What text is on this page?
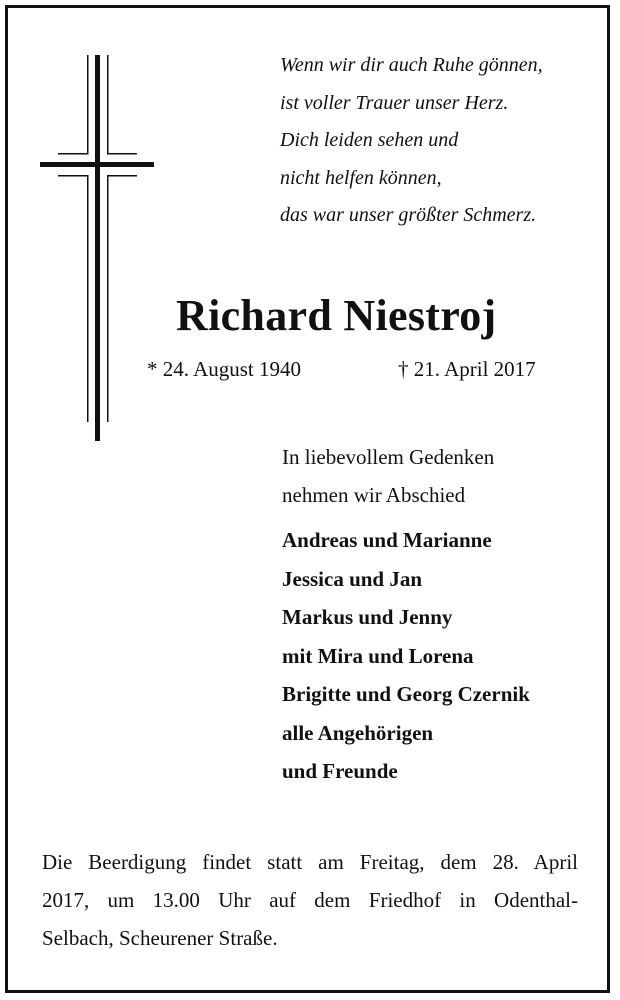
Wenn wir dir auch Ruhe gönnen,
ist voller Trauer unser Herz.
Dich leiden sehen und
nicht helfen können,
das war unser größter Schmerz.
Richard Niestroj
* 24. August 1940	† 21. April 2017
In liebevollem Gedenken
nehmen wir Abschied
Andreas und Marianne
Jessica und Jan
Markus und Jenny
mit Mira und Lorena
Brigitte und Georg Czernik
alle Angehörigen
und Freunde
Die Beerdigung findet statt am Freitag, dem 28. April
2017, um 13.00 Uhr auf dem Friedhof in Odenthal-
Selbach, Scheurener Straße.
